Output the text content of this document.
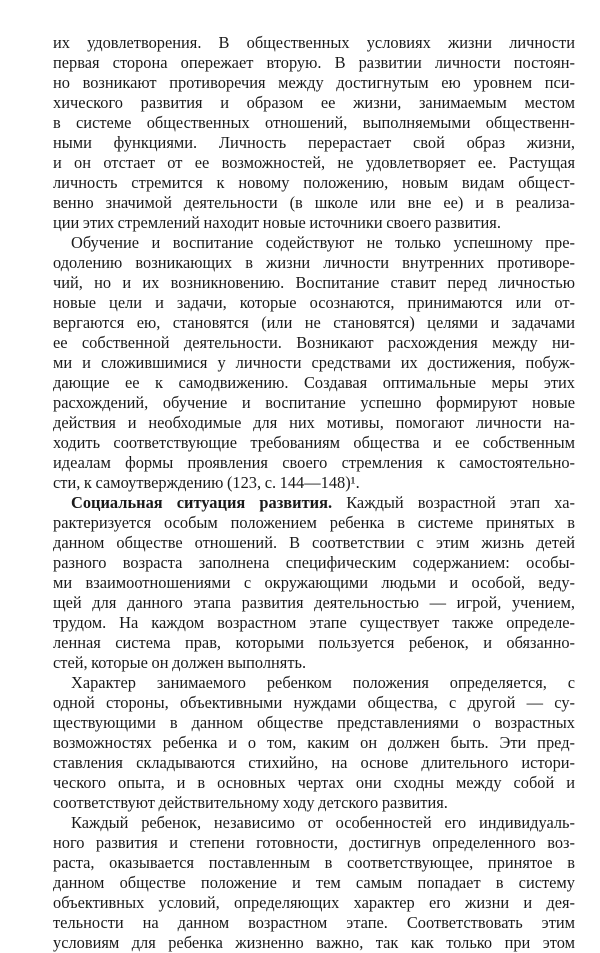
их удовлетворения. В общественных условиях жизни личности
первая сторона опережает вторую. В развитии личности постоян-
но возникают противоречия между достигнутым ею уровнем пси-
хического развития и образом ее жизни, занимаемым местом
в системе общественных отношений, выполняемыми общественн-
ными функциями. Личность перерастает свой образ жизни,
и он отстает от ее возможностей, не удовлетворяет ее. Растущая
личность стремится к новому положению, новым видам общест-
венно значимой деятельности (в школе или вне ее) и в реализа-
ции этих стремлений находит новые источники своего развития.
Обучение и воспитание содействуют не только успешному пре-
одолению возникающих в жизни личности внутренних противоре-
чий, но и их возникновению. Воспитание ставит перед личностью
новые цели и задачи, которые осознаются, принимаются или от-
вергаются ею, становятся (или не становятся) целями и задачами
ее собственной деятельности. Возникают расхождения между ни-
ми и сложившимися у личности средствами их достижения, побуж-
дающие ее к самодвижению. Создавая оптимальные меры этих
расхождений, обучение и воспитание успешно формируют новые
действия и необходимые для них мотивы, помогают личности на-
ходить соответствующие требованиям общества и ее собственным
идеалам формы проявления своего стремления к самостоятельно-
сти, к самоутверждению (123, с. 144—148)¹.
Социальная ситуация развития. Каждый возрастной этап ха-
рактеризуется особым положением ребенка в системе принятых в
данном обществе отношений. В соответствии с этим жизнь детей
разного возраста заполнена специфическим содержанием: особы-
ми взаимоотношениями с окружающими людьми и особой, веду-
щей для данного этапа развития деятельностью — игрой, учением,
трудом. На каждом возрастном этапе существует также определе-
ленная система прав, которыми пользуется ребенок, и обязанно-
стей, которые он должен выполнять.
Характер занимаемого ребенком положения определяется, с
одной стороны, объективными нуждами общества, с другой — су-
ществующими в данном обществе представлениями о возрастных
возможностях ребенка и о том, каким он должен быть. Эти пред-
ставления складываются стихийно, на основе длительного истори-
ческого опыта, и в основных чертах они сходны между собой и
соответствуют действительному ходу детского развития.
Каждый ребенок, независимо от особенностей его индивидуаль-
ного развития и степени готовности, достигнув определенного воз-
раста, оказывается поставленным в соответствующее, принятое в
данном обществе положение и тем самым попадает в систему
объективных условий, определяющих характер его жизни и дея-
тельности на данном возрастном этапе. Соответствовать этим
условиям для ребенка жизненно важно, так как только при этом
